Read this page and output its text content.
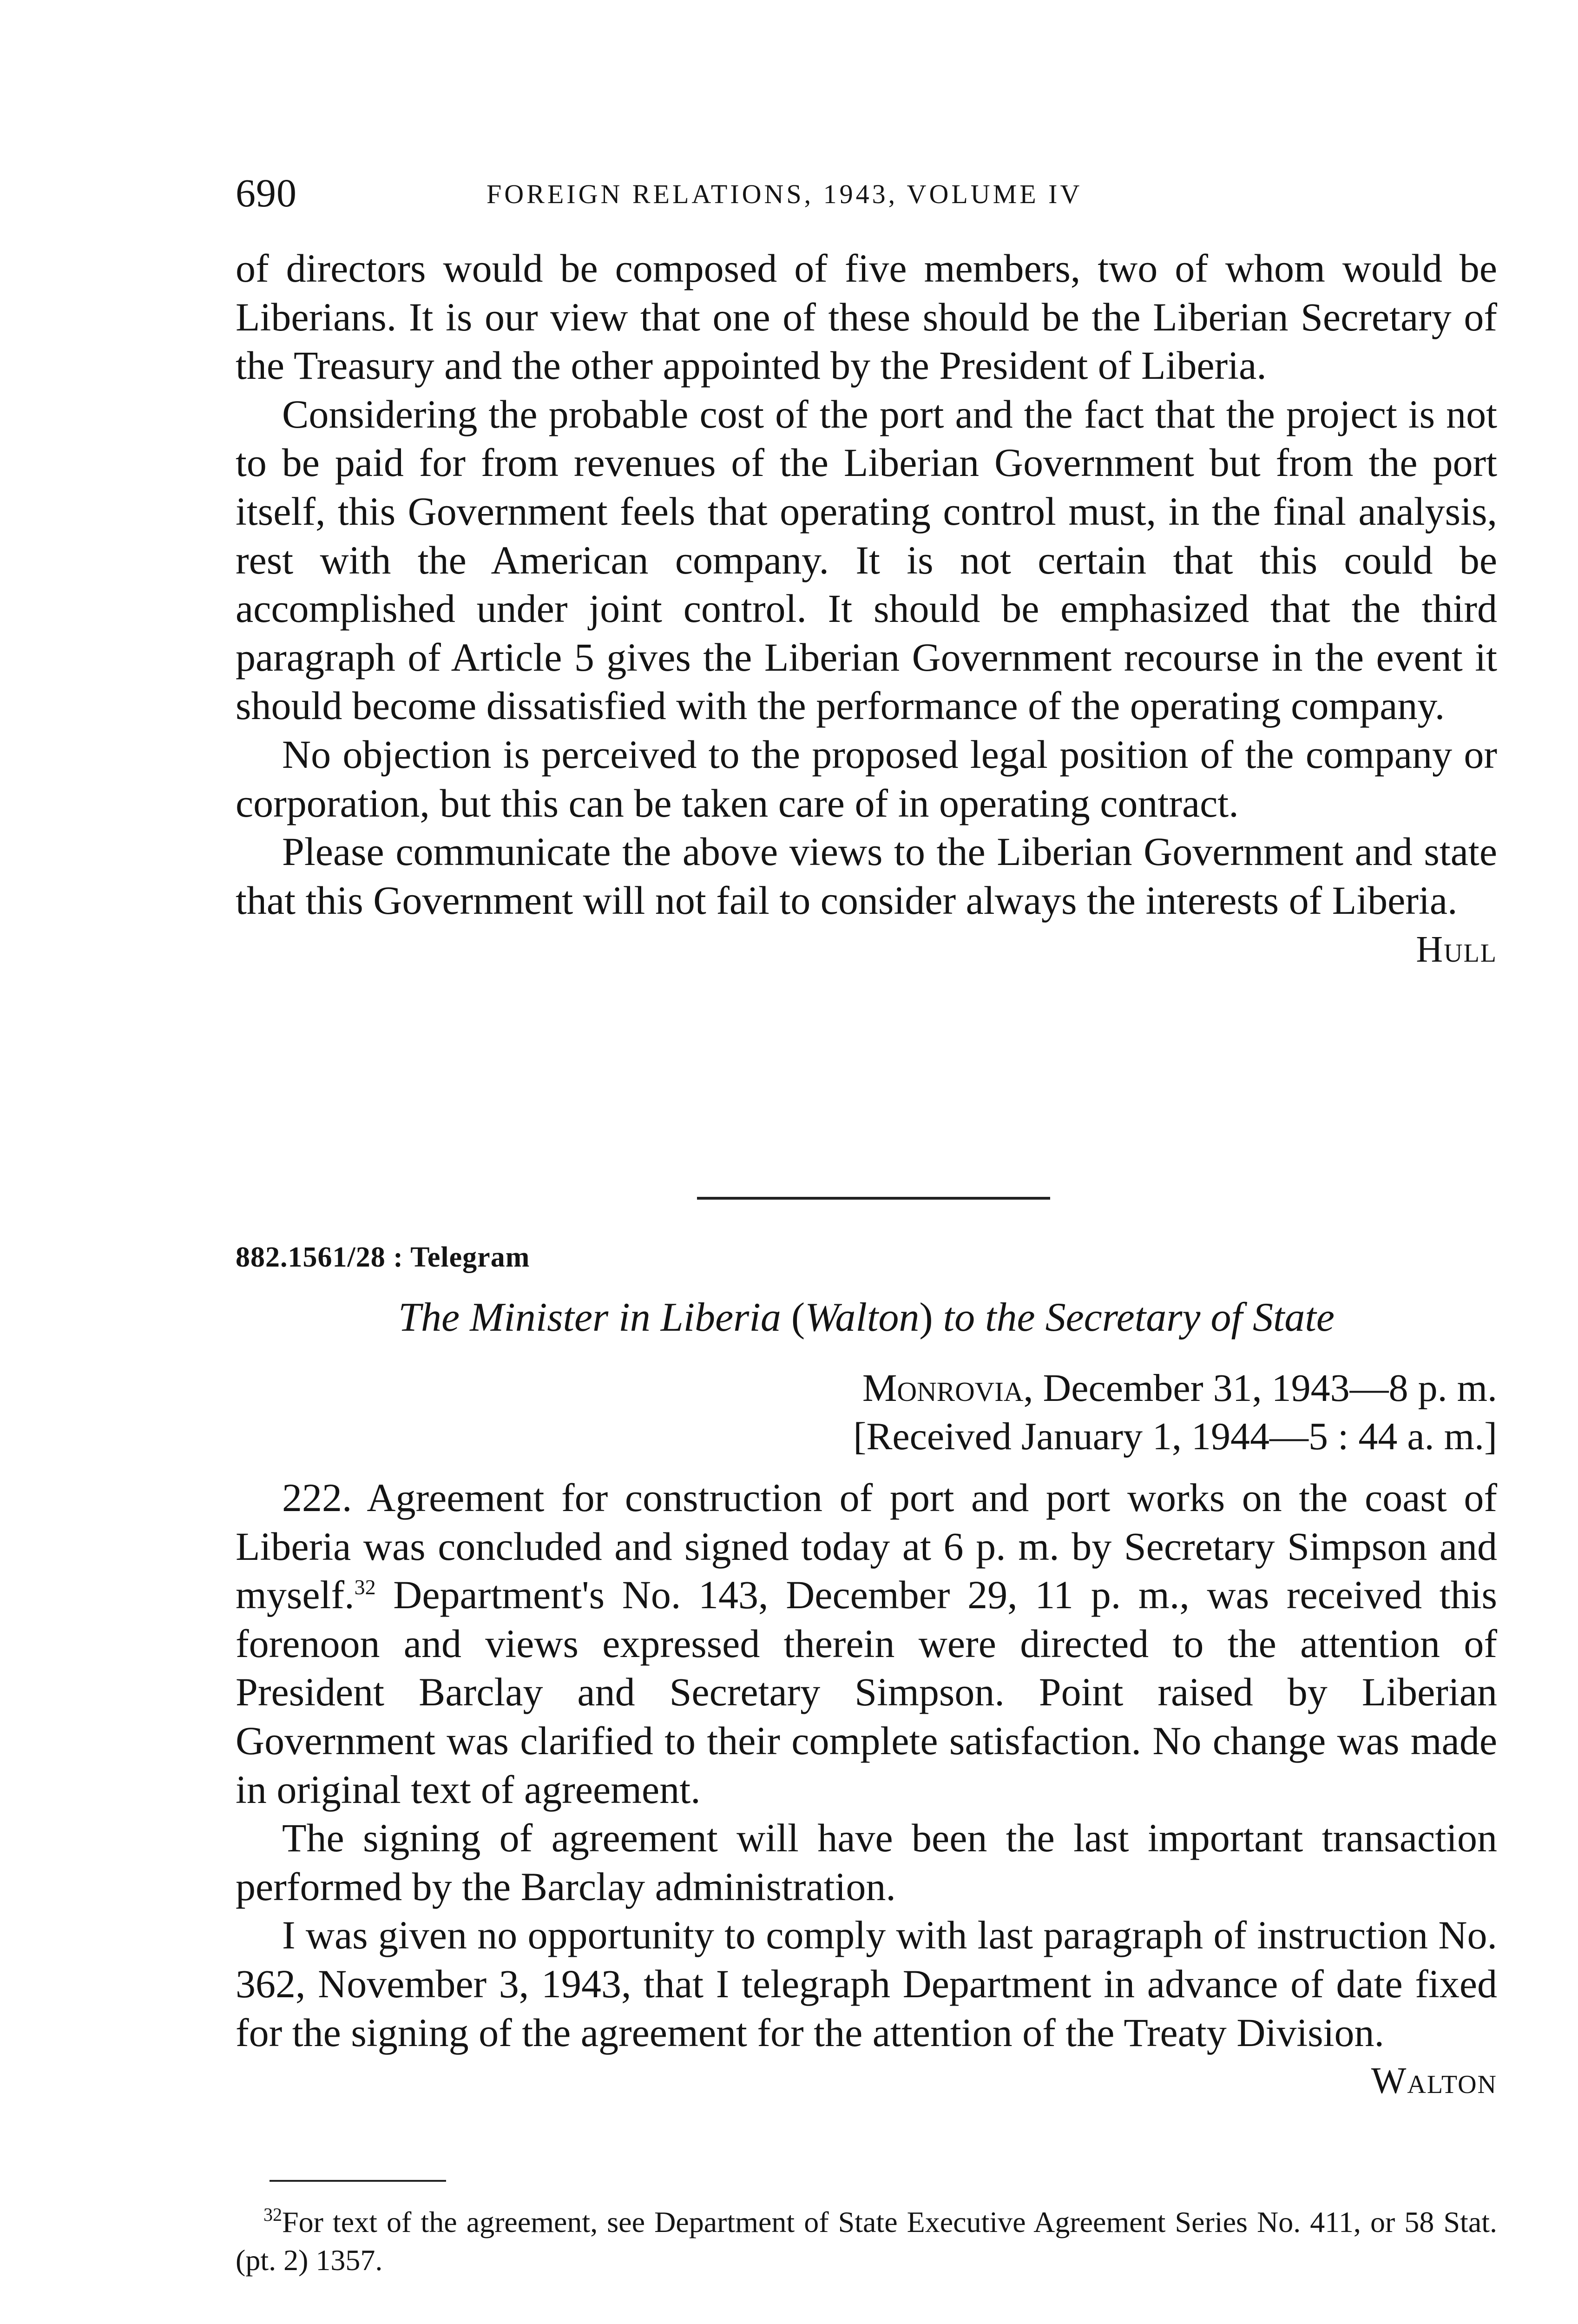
690	FOREIGN RELATIONS, 1943, VOLUME IV

of directors would be composed of five members, two of whom would be Liberians. It is our view that one of these should be the Liberian Secretary of the Treasury and the other appointed by the President of Liberia.

Considering the probable cost of the port and the fact that the project is not to be paid for from revenues of the Liberian Government but from the port itself, this Government feels that operating control must, in the final analysis, rest with the American company. It is not certain that this could be accomplished under joint control. It should be emphasized that the third paragraph of Article 5 gives the Liberian Government recourse in the event it should become dissatisfied with the performance of the operating company.

No objection is perceived to the proposed legal position of the company or corporation, but this can be taken care of in operating contract.

Please communicate the above views to the Liberian Government and state that this Government will not fail to consider always the interests of Liberia.

Hull

882.1561/28 : Telegram
The Minister in Liberia (Walton) to the Secretary of State
Monrovia, December 31, 1943—8 p. m.
[Received January 1, 1944—5 : 44 a. m.]

222. Agreement for construction of port and port works on the coast of Liberia was concluded and signed today at 6 p. m. by Secretary Simpson and myself.$^{32}$ Department's No. 143, December 29, 11 p. m., was received this forenoon and views expressed therein were directed to the attention of President Barclay and Secretary Simpson. Point raised by Liberian Government was clarified to their complete satisfaction. No change was made in original text of agreement.

The signing of agreement will have been the last important transaction performed by the Barclay administration.

I was given no opportunity to comply with last paragraph of instruction No. 362, November 3, 1943, that I telegraph Department in advance of date fixed for the signing of the agreement for the attention of the Treaty Division.

Walton

$^{32}$For text of the agreement, see Department of State Executive Agreement Series No. 411, or 58 Stat. (pt. 2) 1357.
